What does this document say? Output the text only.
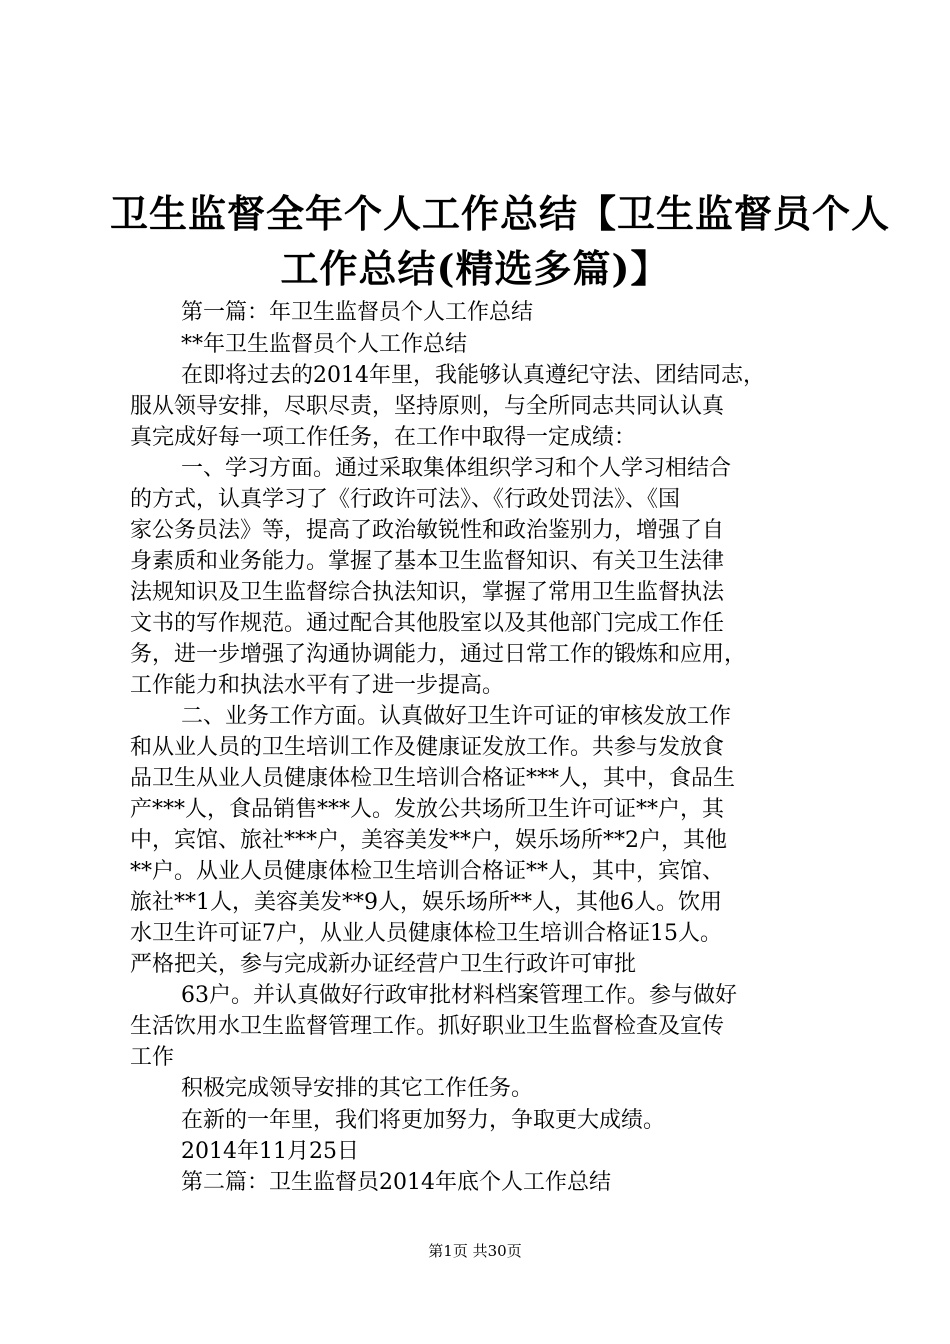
卫生监督全年个人工作总结【卫生监督员个人
工作总结(精选多篇)】

第一篇：年卫生监督员个人工作总结

**年卫生监督员个人工作总结

在即将过去的2014年里，我能够认真遵纪守法、团结同志，

服从领导安排，尽职尽责，坚持原则，与全所同志共同认认真

真完成好每一项工作任务，在工作中取得一定成绩：

一、学习方面。通过采取集体组织学习和个人学习相结合

的方式，认真学习了《行政许可法》、《行政处罚法》、《国

家公务员法》等，提高了政治敏锐性和政治鉴别力，增强了自

身素质和业务能力。掌握了基本卫生监督知识、有关卫生法律

法规知识及卫生监督综合执法知识，掌握了常用卫生监督执法

文书的写作规范。通过配合其他股室以及其他部门完成工作任

务，进一步增强了沟通协调能力，通过日常工作的锻炼和应用，

工作能力和执法水平有了进一步提高。

二、业务工作方面。认真做好卫生许可证的审核发放工作

和从业人员的卫生培训工作及健康证发放工作。共参与发放食

品卫生从业人员健康体检卫生培训合格证***人，其中，食品生

产***人，食品销售***人。发放公共场所卫生许可证**户，其

中，宾馆、旅社***户，美容美发**户，娱乐场所**2户，其他

**户。从业人员健康体检卫生培训合格证**人，其中，宾馆、

旅社**1人，美容美发**9人，娱乐场所**人，其他6人。饮用

水卫生许可证7户，从业人员健康体检卫生培训合格证15人。

严格把关，参与完成新办证经营户卫生行政许可审批

63户。并认真做好行政审批材料档案管理工作。参与做好

生活饮用水卫生监督管理工作。抓好职业卫生监督检查及宣传

工作

积极完成领导安排的其它工作任务。

在新的一年里，我们将更加努力，争取更大成绩。

2014年11月25日

第二篇：卫生监督员2014年底个人工作总结

第1页 共30页
